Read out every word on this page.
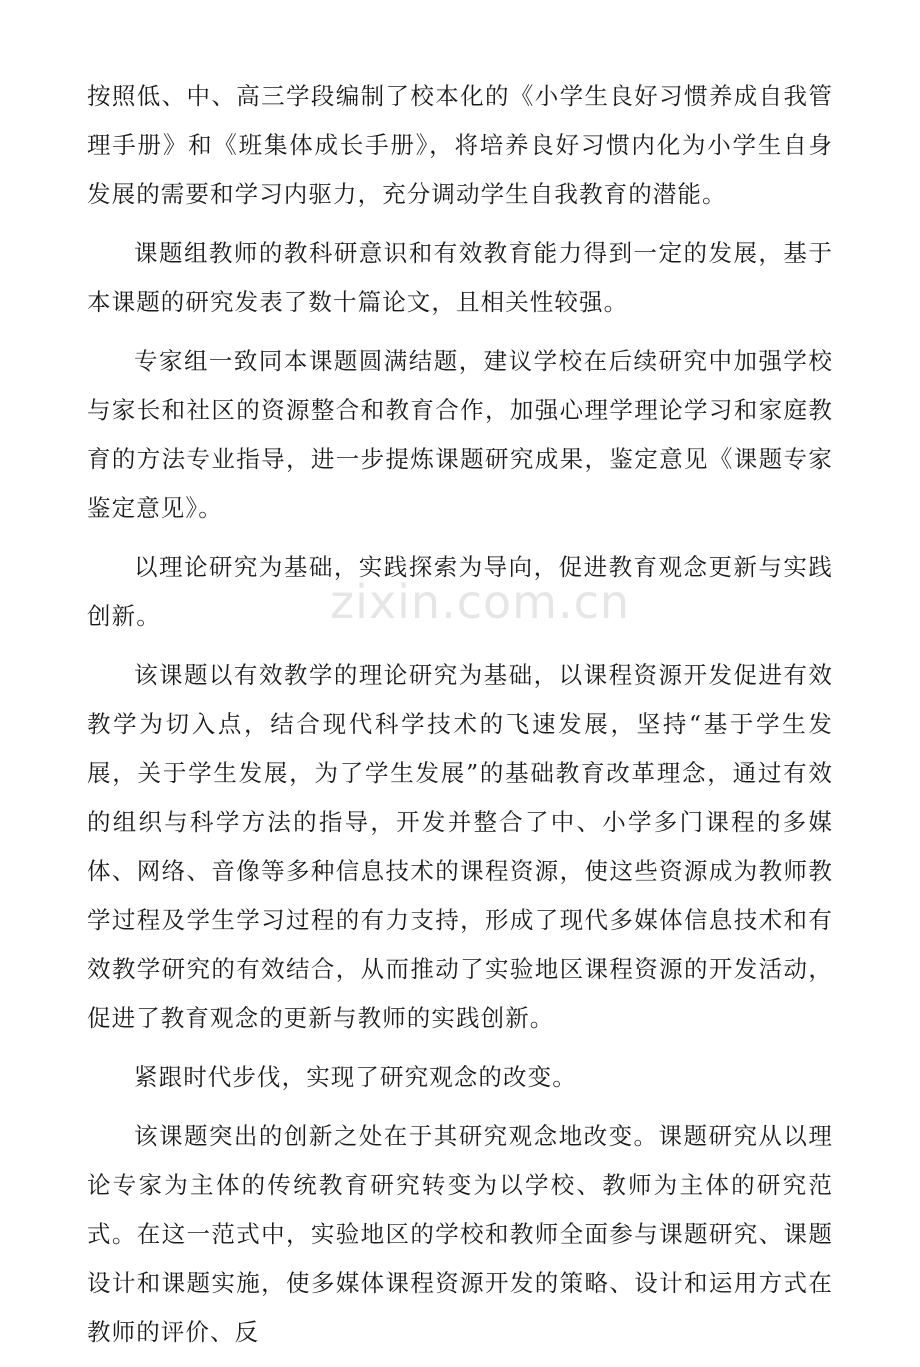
zixin.com.cn

按照低、中、高三学段编制了校本化的《小学生良好习惯养成自我管理手册》和《班集体成长手册》，将培养良好习惯内化为小学生自身发展的需要和学习内驱力，充分调动学生自我教育的潜能。

课题组教师的教科研意识和有效教育能力得到一定的发展，基于本课题的研究发表了数十篇论文，且相关性较强。

专家组一致同本课题圆满结题，建议学校在后续研究中加强学校与家长和社区的资源整合和教育合作，加强心理学理论学习和家庭教育的方法专业指导，进一步提炼课题研究成果，鉴定意见《课题专家鉴定意见》。

以理论研究为基础，实践探索为导向，促进教育观念更新与实践创新。

该课题以有效教学的理论研究为基础，以课程资源开发促进有效教学为切入点，结合现代科学技术的飞速发展，坚持“基于学生发展，关于学生发展，为了学生发展”的基础教育改革理念，通过有效的组织与科学方法的指导，开发并整合了中、小学多门课程的多媒体、网络、音像等多种信息技术的课程资源，使这些资源成为教师教学过程及学生学习过程的有力支持，形成了现代多媒体信息技术和有效教学研究的有效结合，从而推动了实验地区课程资源的开发活动，促进了教育观念的更新与教师的实践创新。

紧跟时代步伐，实现了研究观念的改变。

该课题突出的创新之处在于其研究观念地改变。课题研究从以理论专家为主体的传统教育研究转变为以学校、教师为主体的研究范式。在这一范式中，实验地区的学校和教师全面参与课题研究、课题设计和课题实施，使多媒体课程资源开发的策略、设计和运用方式在教师的评价、反
